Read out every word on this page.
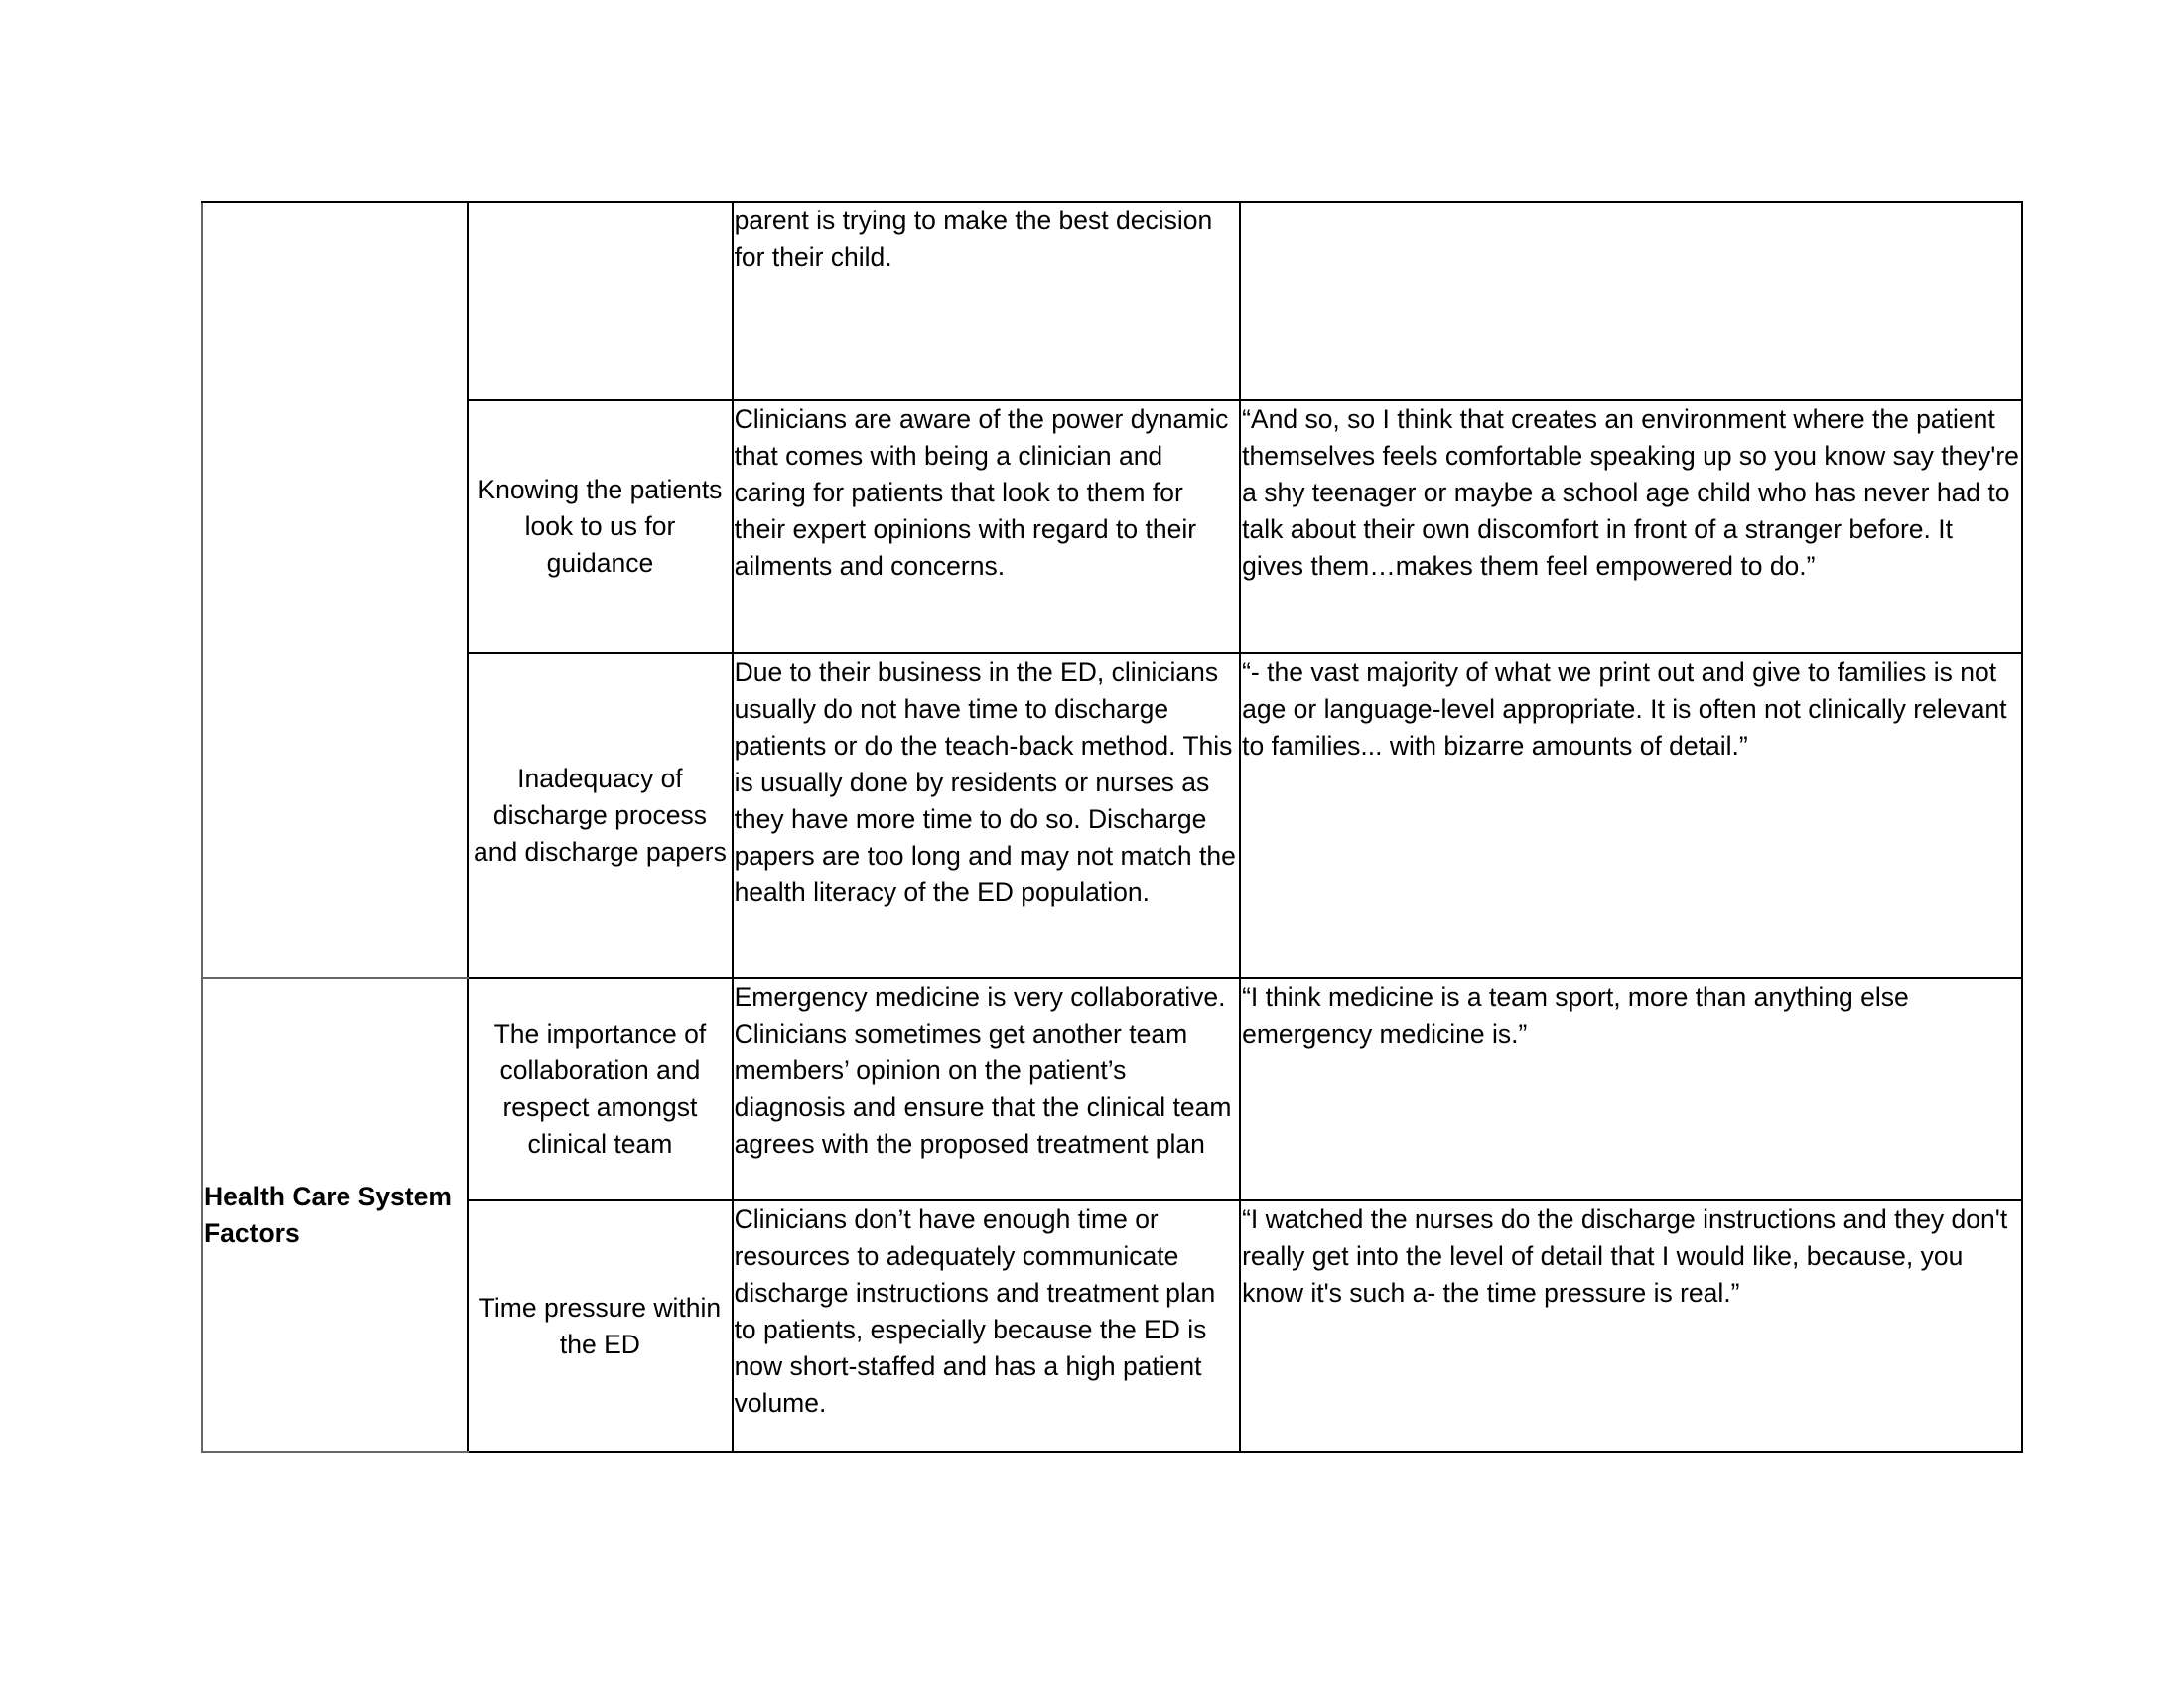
		parent is trying to make the best decision for their child.	
	Knowing the patients look to us for guidance	Clinicians are aware of the power dynamic that comes with being a clinician and caring for patients that look to them for their expert opinions with regard to their ailments and concerns.	“And so, so I think that creates an environment where the patient themselves feels comfortable speaking up so you know say they're a shy teenager or maybe a school age child who has never had to talk about their own discomfort in front of a stranger before. It gives them…makes them feel empowered to do.”
	Inadequacy of discharge process and discharge papers	Due to their business in the ED, clinicians usually do not have time to discharge patients or do the teach-back method. This is usually done by residents or nurses as they have more time to do so. Discharge papers are too long and may not match the health literacy of the ED population.	“- the vast majority of what we print out and give to families is not age or language-level appropriate. It is often not clinically relevant to families... with bizarre amounts of detail.”
Health Care System Factors	The importance of collaboration and respect amongst clinical team	Emergency medicine is very collaborative. Clinicians sometimes get another team members’ opinion on the patient’s diagnosis and ensure that the clinical team agrees with the proposed treatment plan	“I think medicine is a team sport, more than anything else emergency medicine is.”
	Time pressure within the ED	Clinicians don’t have enough time or resources to adequately communicate discharge instructions and treatment plan to patients, especially because the ED is now short-staffed and has a high patient volume.	“I watched the nurses do the discharge instructions and they don't really get into the level of detail that I would like, because, you know it's such a- the time pressure is real.”
